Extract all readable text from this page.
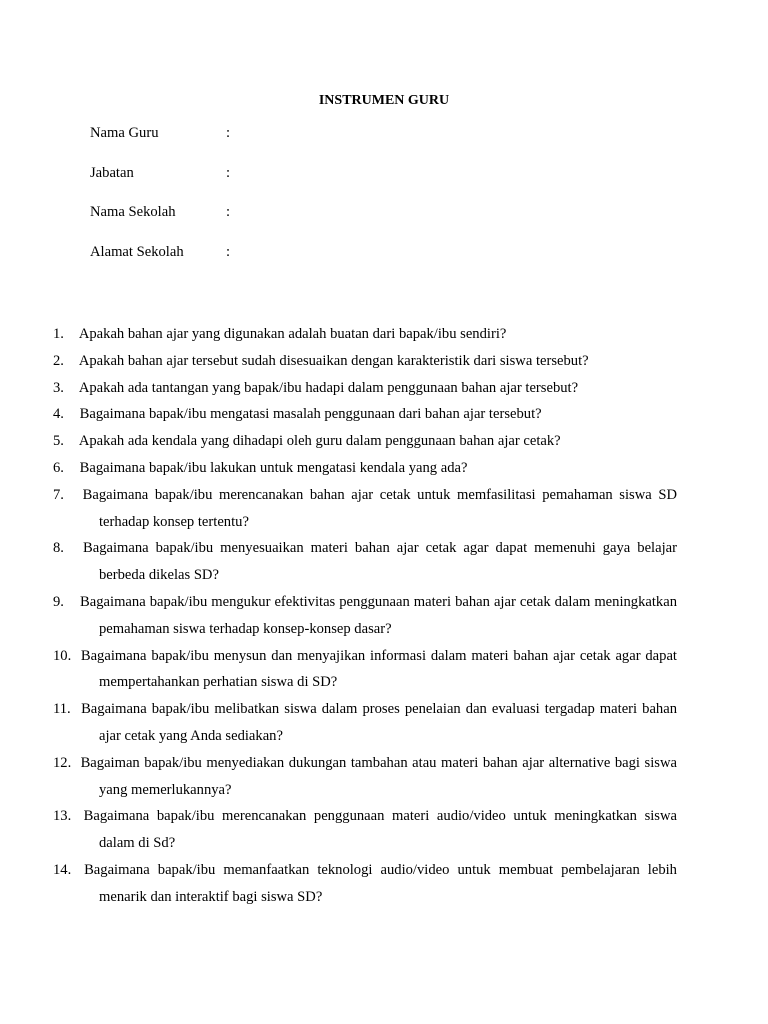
INSTRUMEN GURU
Nama Guru	:
Jabatan	:
Nama Sekolah	:
Alamat Sekolah	:
1. Apakah bahan ajar yang digunakan adalah buatan dari bapak/ibu sendiri?
2. Apakah bahan ajar tersebut sudah disesuaikan dengan karakteristik dari siswa tersebut?
3. Apakah ada tantangan yang bapak/ibu hadapi dalam penggunaan bahan ajar tersebut?
4. Bagaimana bapak/ibu mengatasi masalah penggunaan dari bahan ajar tersebut?
5. Apakah ada kendala yang dihadapi oleh guru dalam penggunaan bahan ajar cetak?
6. Bagaimana bapak/ibu lakukan untuk mengatasi kendala yang ada?
7. Bagaimana bapak/ibu merencanakan bahan ajar cetak untuk memfasilitasi pemahaman siswa SD terhadap konsep tertentu?
8. Bagaimana bapak/ibu menyesuaikan materi bahan ajar cetak agar dapat memenuhi gaya belajar berbeda dikelas SD?
9. Bagaimana bapak/ibu mengukur efektivitas penggunaan materi bahan ajar cetak dalam meningkatkan pemahaman siswa terhadap konsep-konsep dasar?
10. Bagaimana bapak/ibu menysun dan menyajikan informasi dalam materi bahan ajar cetak agar dapat mempertahankan perhatian siswa di SD?
11. Bagaimana bapak/ibu melibatkan siswa dalam proses penelaian dan evaluasi tergadap materi bahan ajar cetak yang Anda sediakan?
12. Bagaiman bapak/ibu menyediakan dukungan tambahan atau materi bahan ajar alternative bagi siswa yang memerlukannya?
13. Bagaimana bapak/ibu merencanakan penggunaan materi audio/video untuk meningkatkan siswa dalam di Sd?
14. Bagaimana bapak/ibu memanfaatkan teknologi audio/video untuk membuat pembelajaran lebih menarik dan interaktif bagi siswa SD?
